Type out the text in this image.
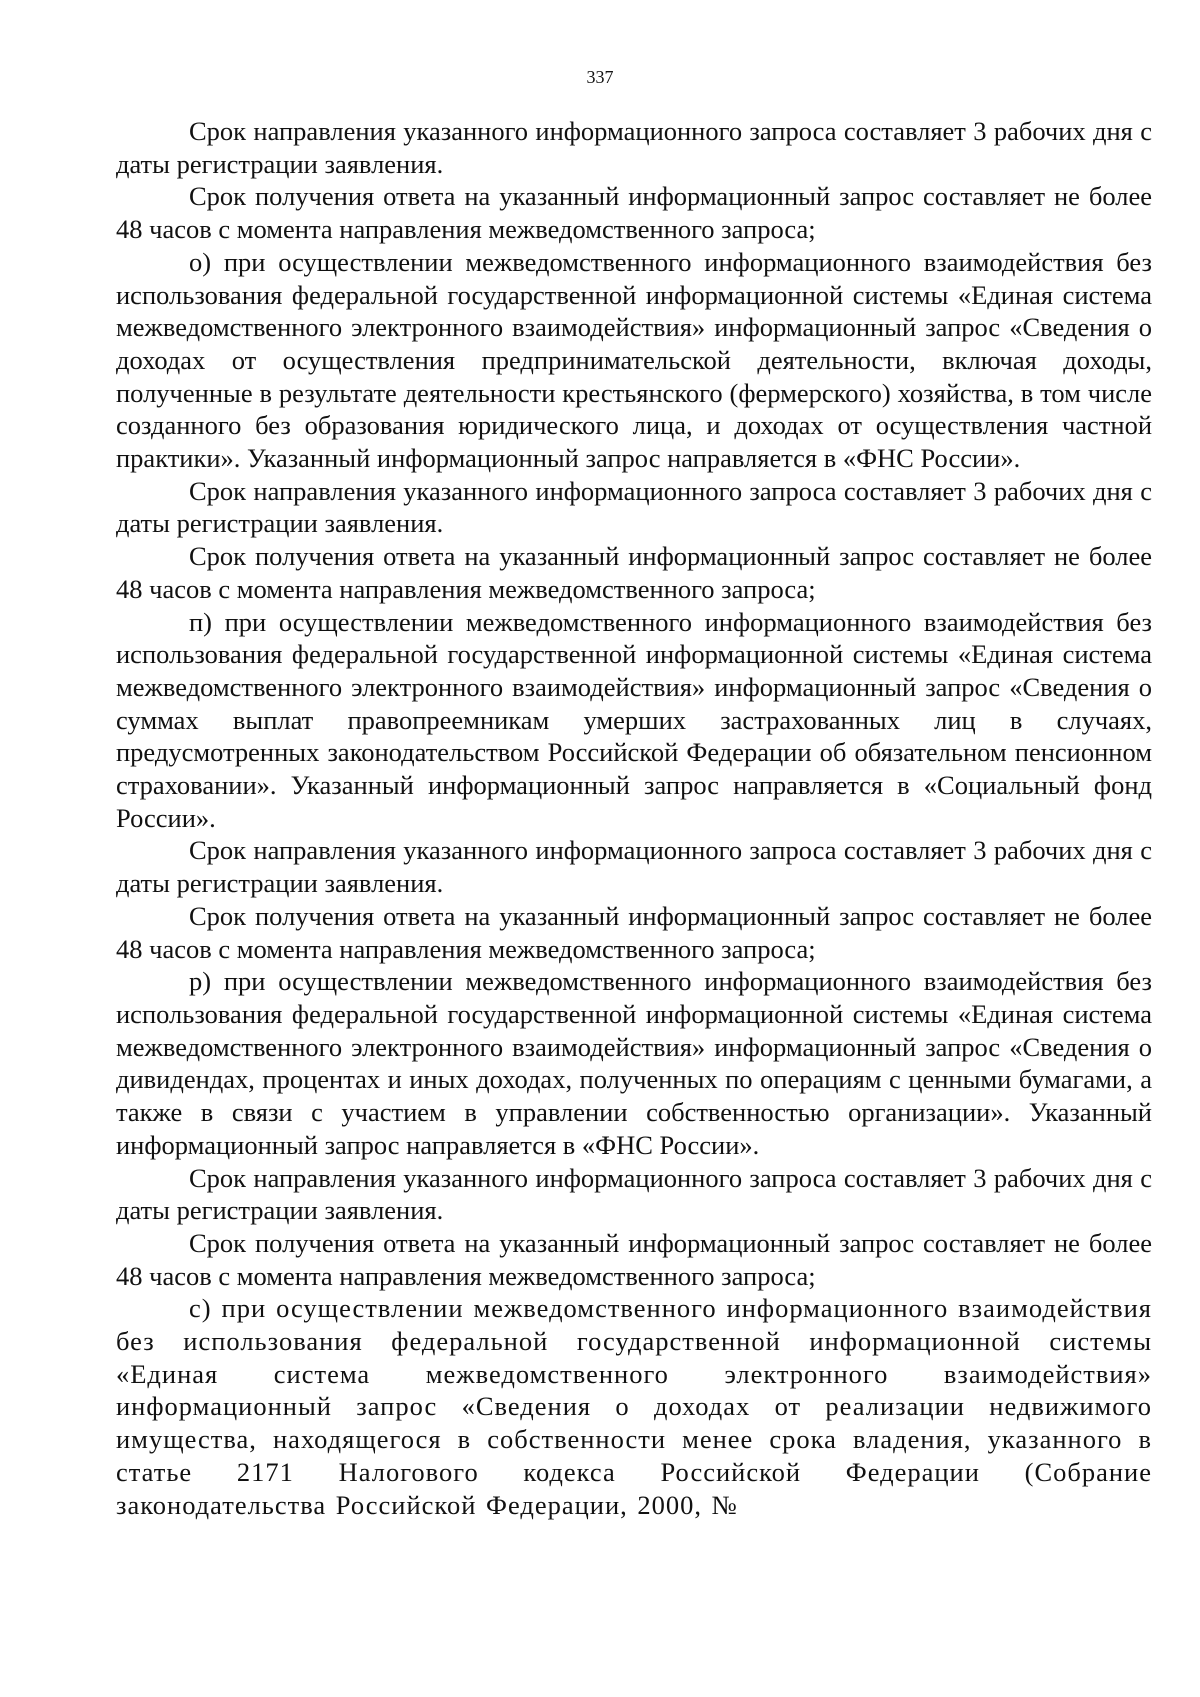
337

Срок направления указанного информационного запроса составляет 3 рабочих дня с даты регистрации заявления.

Срок получения ответа на указанный информационный запрос составляет не более 48 часов с момента направления межведомственного запроса;

о) при осуществлении межведомственного информационного взаимодействия без использования федеральной государственной информационной системы «Единая система межведомственного электронного взаимодействия» информационный запрос «Сведения о доходах от осуществления предпринимательской деятельности, включая доходы, полученные в результате деятельности крестьянского (фермерского) хозяйства, в том числе созданного без образования юридического лица, и доходах от осуществления частной практики». Указанный информационный запрос направляется в «ФНС России».

Срок направления указанного информационного запроса составляет 3 рабочих дня с даты регистрации заявления.

Срок получения ответа на указанный информационный запрос составляет не более 48 часов с момента направления межведомственного запроса;

п) при осуществлении межведомственного информационного взаимодействия без использования федеральной государственной информационной системы «Единая система межведомственного электронного взаимодействия» информационный запрос «Сведения о суммах выплат правопреемникам умерших застрахованных лиц в случаях, предусмотренных законодательством Российской Федерации об обязательном пенсионном страховании». Указанный информационный запрос направляется в «Социальный фонд России».

Срок направления указанного информационного запроса составляет 3 рабочих дня с даты регистрации заявления.

Срок получения ответа на указанный информационный запрос составляет не более 48 часов с момента направления межведомственного запроса;

р) при осуществлении межведомственного информационного взаимодействия без использования федеральной государственной информационной системы «Единая система межведомственного электронного взаимодействия» информационный запрос «Сведения о дивидендах, процентах и иных доходах, полученных по операциям с ценными бумагами, а также в связи с участием в управлении собственностью организации». Указанный информационный запрос направляется в «ФНС России».

Срок направления указанного информационного запроса составляет 3 рабочих дня с даты регистрации заявления.

Срок получения ответа на указанный информационный запрос составляет не более 48 часов с момента направления межведомственного запроса;

с) при осуществлении межведомственного информационного взаимодействия без использования федеральной государственной информационной системы «Единая система межведомственного электронного взаимодействия» информационный запрос «Сведения о доходах от реализации недвижимого имущества, находящегося в собственности менее срока владения, указанного в статье 2171 Налогового кодекса Российской Федерации (Собрание законодательства Российской Федерации, 2000, №
